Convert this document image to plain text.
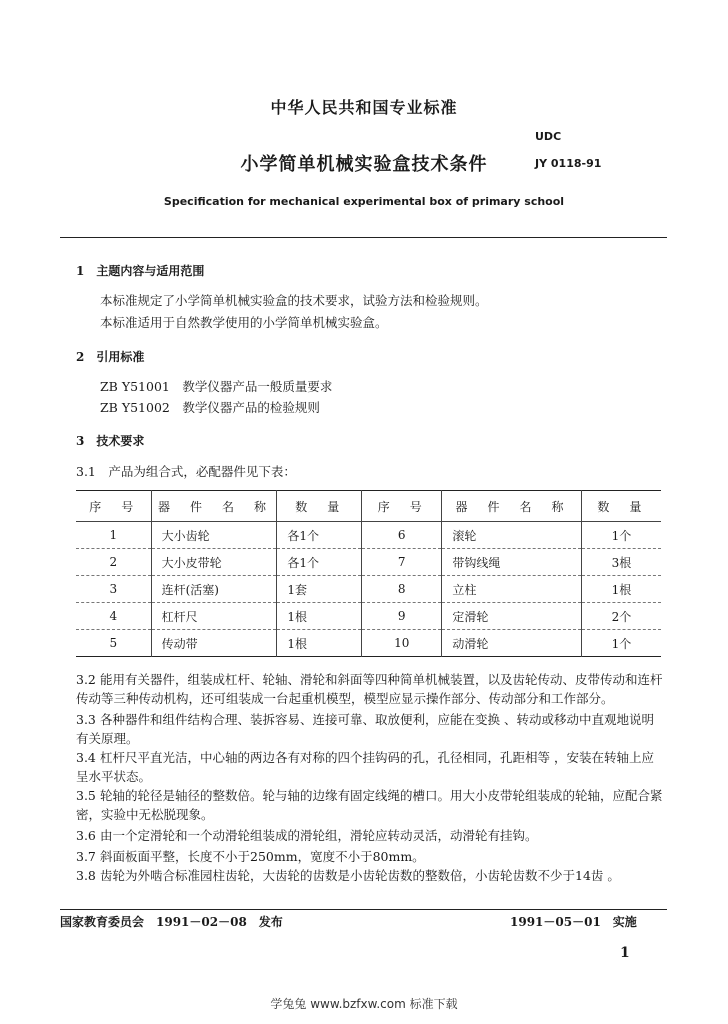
中华人民共和国专业标准
UDC
小学简单机械实验盒技术条件	JY 0118-91
Specification for mechanical experimental box of primary school
1　主题内容与适用范围
本标准规定了小学简单机械实验盒的技术要求，试验方法和检验规则。
本标准适用于自然教学使用的小学简单机械实验盒。
2　引用标准
ZB Y51001　教学仪器产品一般质量要求
ZB Y51002　教学仪器产品的检验规则
3　技术要求
3.1　产品为组合式，必配器件见下表：
序　号	器　件　名　称	数　量	序　号	器　件　名　称	数　量
1	大小齿轮	各1个	6	滚轮	1个
2	大小皮带轮	各1个	7	带钩线绳	3根
3	连杆(活塞)	1套	8	立柱	1根
4	杠杆尺	1根	9	定滑轮	2个
5	传动带	1根	10	动滑轮	1个
3.2 能用有关器件，组装成杠杆、轮轴、滑轮和斜面等四种简单机械装置，以及齿轮传动、皮带传动和连杆传动等三种传动机构，还可组装成一台起重机模型，模型应显示操作部分、传动部分和工作部分。
3.3 各种器件和组件结构合理、装拆容易、连接可靠、取放便利，应能在变换 、转动或移动中直观地说明有关原理。
3.4 杠杆尺平直光洁，中心轴的两边各有对称的四个挂钩码的孔，孔径相同，孔距相等 ，安装在转轴上应呈水平状态。
3.5 轮轴的轮径是轴径的整数倍。轮与轴的边缘有固定线绳的槽口。用大小皮带轮组装成的轮轴，应配合紧密，实验中无松脱现象。
3.6 由一个定滑轮和一个动滑轮组装成的滑轮组，滑轮应转动灵活，动滑轮有挂钩。
3.7 斜面板面平整，长度不小于250mm，宽度不小于80mm。
3.8 齿轮为外啮合标准园柱齿轮，大齿轮的齿数是小齿轮齿数的整数倍，小齿轮齿数不少于14齿 。
国家教育委员会　1991－02－08　发布	1991－05－01　实施
1
学兔兔 www.bzfxw.com 标准下载
